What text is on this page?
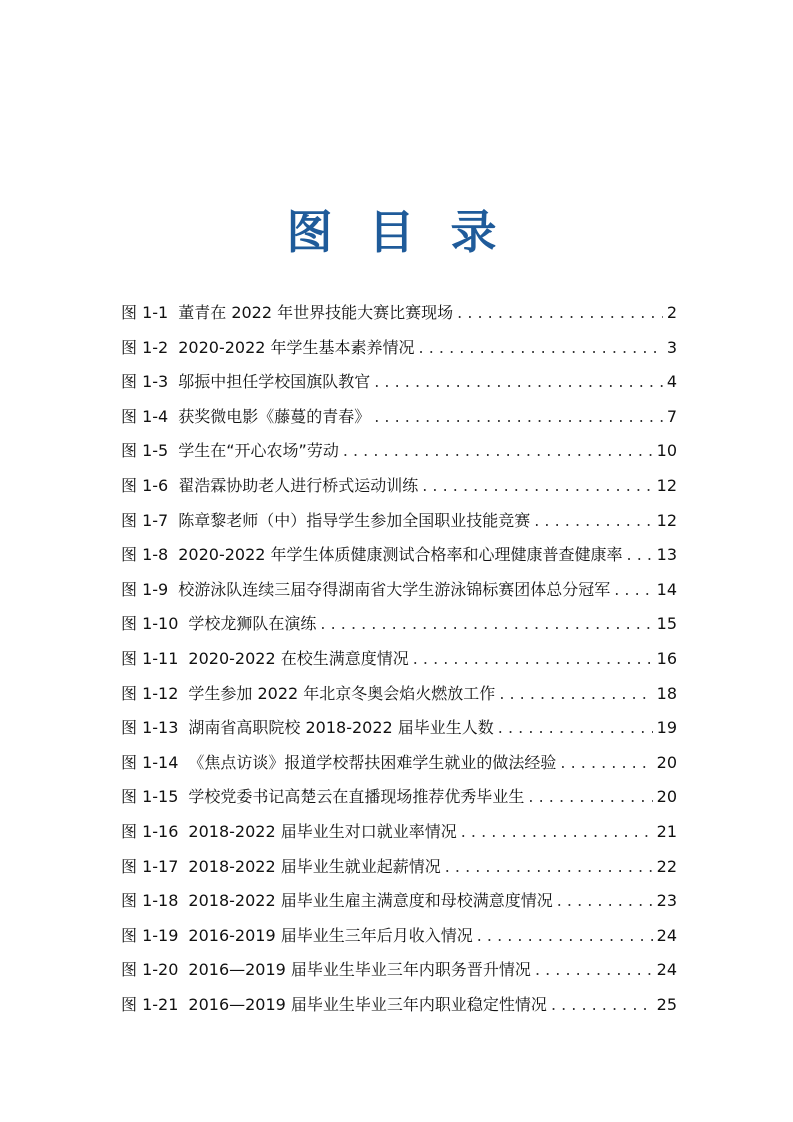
图 目 录
图 1-1 董青在 2022 年世界技能大赛比赛现场 . . .	2
图 1-2 2020-2022 年学生基本素养情况 . . .	3
图 1-3 邬振中担任学校国旗队教官 . . .	4
图 1-4 获奖微电影《藤蔓的青春》 . . .	7
图 1-5 学生在“开心农场”劳动 . . .	10
图 1-6 翟浩霖协助老人进行桥式运动训练 . . .	12
图 1-7 陈章黎老师（中）指导学生参加全国职业技能竞赛 . . .	12
图 1-8 2020-2022 年学生体质健康测试合格率和心理健康普查健康率 . . . 13
图 1-9 校游泳队连续三届夺得湖南省大学生游泳锦标赛团体总分冠军 . . .	14
图 1-10 学校龙狮队在演练 . . .	15
图 1-11 2020-2022 在校生满意度情况 . . .	16
图 1-12 学生参加 2022 年北京冬奥会焰火燃放工作 . . .	18
图 1-13 湖南省高职院校 2018-2022 届毕业生人数 . . .	19
图 1-14 《焦点访谈》报道学校帮扶困难学生就业的做法经验 . . .	20
图 1-15 学校党委书记高楚云在直播现场推荐优秀毕业生 . . .	20
图 1-16 2018-2022 届毕业生对口就业率情况 . . .	21
图 1-17 2018-2022 届毕业生就业起薪情况 . . .	22
图 1-18 2018-2022 届毕业生雇主满意度和母校满意度情况 . . .	23
图 1-19 2016-2019 届毕业生三年后月收入情况 . . .	24
图 1-20 2016—2019 届毕业生毕业三年内职务晋升情况 . . .	24
图 1-21 2016—2019 届毕业生毕业三年内职业稳定性情况 . . .	25
